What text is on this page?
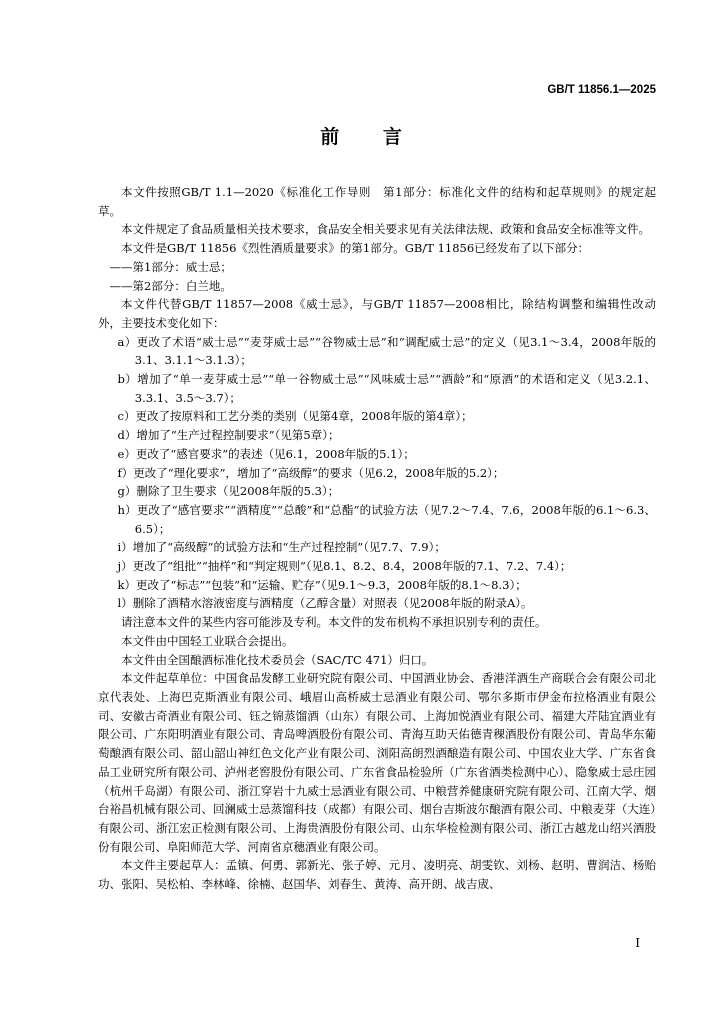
GB/T 11856.1—2025
前　　言

本文件按照GB/T 1.1—2020《标准化工作导则　第1部分：标准化文件的结构和起草规则》的规定起草。

本文件规定了食品质量相关技术要求，食品安全相关要求见有关法律法规、政策和食品安全标准等文件。

本文件是GB/T 11856《烈性酒质量要求》的第1部分。GB/T 11856已经发布了以下部分：

——第1部分：威士忌；

——第2部分：白兰地。

本文件代替GB/T 11857—2008《威士忌》，与GB/T 11857—2008相比，除结构调整和编辑性改动外，主要技术变化如下：

a）更改了术语“威士忌”“麦芽威士忌”“谷物威士忌”和“调配威士忌”的定义（见3.1～3.4，2008年版的3.1、3.1.1～3.1.3）；

b）增加了“单一麦芽威士忌”“单一谷物威士忌”“风味威士忌”“酒龄”和“原酒”的术语和定义（见3.2.1、3.3.1、3.5～3.7）；

c）更改了按原料和工艺分类的类别（见第4章，2008年版的第4章）；

d）增加了“生产过程控制要求”（见第5章）；

e）更改了“感官要求”的表述（见6.1，2008年版的5.1）；

f）更改了“理化要求”，增加了“高级醇”的要求（见6.2，2008年版的5.2）；

g）删除了卫生要求（见2008年版的5.3）；

h）更改了“感官要求”“酒精度”“总酸”和“总酯”的试验方法（见7.2～7.4、7.6，2008年版的6.1～6.3、6.5）；

i）增加了“高级醇”的试验方法和“生产过程控制”（见7.7、7.9）；

j）更改了“组批”“抽样”和“判定规则”（见8.1、8.2、8.4，2008年版的7.1、7.2、7.4）；

k）更改了“标志”“包装”和“运输、贮存”（见9.1～9.3，2008年版的8.1～8.3）；

l）删除了酒精水溶液密度与酒精度（乙醇含量）对照表（见2008年版的附录A）。

请注意本文件的某些内容可能涉及专利。本文件的发布机构不承担识别专利的责任。

本文件由中国轻工业联合会提出。

本文件由全国酿酒标准化技术委员会（SAC/TC 471）归口。

本文件起草单位：中国食品发酵工业研究院有限公司、中国酒业协会、香港洋酒生产商联合会有限公司北京代表处、上海巴克斯酒业有限公司、峨眉山高桥威士忌酒业有限公司、鄂尔多斯市伊金布拉格酒业有限公司、安徽古奇酒业有限公司、钰之锦蒸馏酒（山东）有限公司、上海加悦酒业有限公司、福建大芹陆宜酒业有限公司、广东阳明酒业有限公司、青岛啤酒股份有限公司、青海互助天佑德青稞酒股份有限公司、青岛华东葡萄酿酒有限公司、韶山韶山神红色文化产业有限公司、浏阳高朗烈酒酿造有限公司、中国农业大学、广东省食品工业研究所有限公司、泸州老窖股份有限公司、广东省食品检验所（广东省酒类检测中心）、隐象威士忌庄园（杭州千岛湖）有限公司、浙江穿岩十九威士忌酒业有限公司、中粮营养健康研究院有限公司、江南大学、烟台裕昌机械有限公司、回澜威士忌蒸馏科技（成都）有限公司、烟台吉斯波尔酿酒有限公司、中粮麦芽（大连）有限公司、浙江宏正检测有限公司、上海贵酒股份有限公司、山东华检检测有限公司、浙江古越龙山绍兴酒股份有限公司、阜阳师范大学、河南省京穗酒业有限公司。

本文件主要起草人：孟镇、何勇、郭新光、张子婷、元月、凌明亮、胡雯钦、刘杨、赵明、曹润洁、杨贻功、张阳、吴松柏、李林峰、徐楠、赵国华、刘春生、黄涛、高开朗、战吉宬、

I
